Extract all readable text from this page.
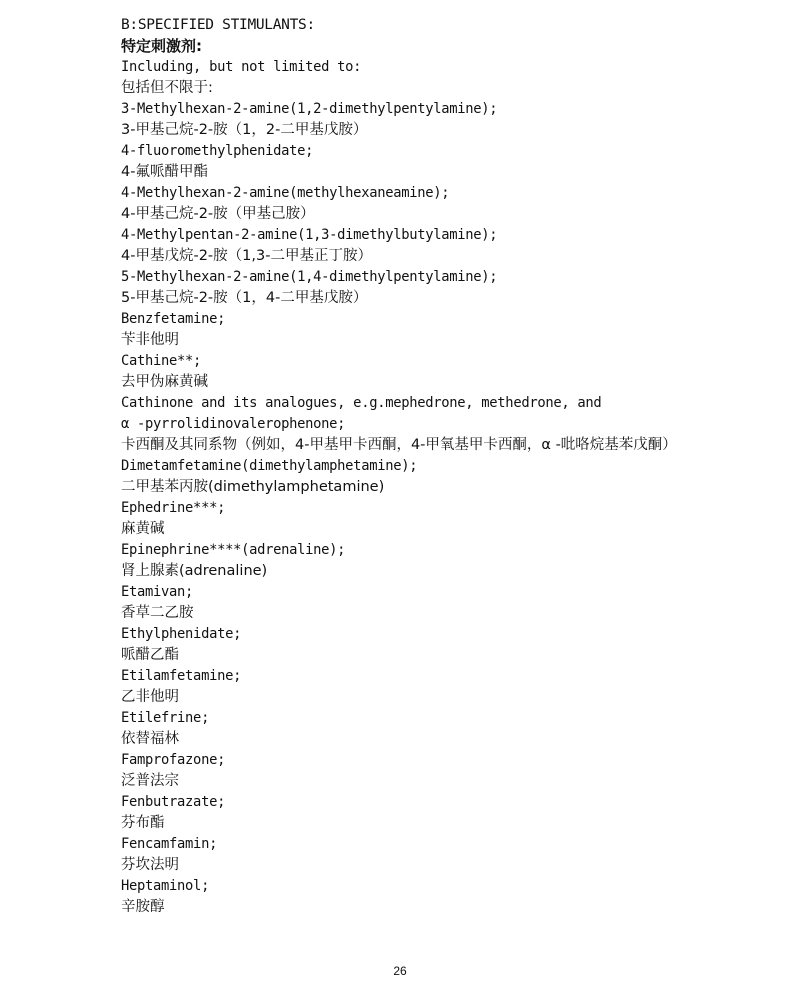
B:SPECIFIED STIMULANTS:
特定刺激剂:
Including, but not limited to:
包括但不限于:
3-Methylhexan-2-amine(1,2-dimethylpentylamine);
3-甲基己烷-2-胺（1，2-二甲基戊胺）
4-fluoromethylphenidate;
4-氟哌醋甲酯
4-Methylhexan-2-amine(methylhexaneamine);
4-甲基己烷-2-胺（甲基己胺）
4-Methylpentan-2-amine(1,3-dimethylbutylamine);
4-甲基戊烷-2-胺（1,3-二甲基正丁胺）
5-Methylhexan-2-amine(1,4-dimethylpentylamine);
5-甲基己烷-2-胺（1，4-二甲基戊胺）
Benzfetamine;
苄非他明
Cathine**;
去甲伪麻黄碱
Cathinone and its analogues, e.g.mephedrone, methedrone, and
α -pyrrolidinovalerophenone;
卡西酮及其同系物（例如，4-甲基甲卡西酮，4-甲氧基甲卡西酮，α -吡咯烷基苯戊酮）
Dimetamfetamine(dimethylamphetamine);
二甲基苯丙胺(dimethylamphetamine)
Ephedrine***;
麻黄碱
Epinephrine****(adrenaline);
肾上腺素(adrenaline)
Etamivan;
香草二乙胺
Ethylphenidate;
哌醋乙酯
Etilamfetamine;
乙非他明
Etilefrine;
依替福林
Famprofazone;
泛普法宗
Fenbutrazate;
芬布酯
Fencamfamin;
芬坎法明
Heptaminol;
辛胺醇
26
